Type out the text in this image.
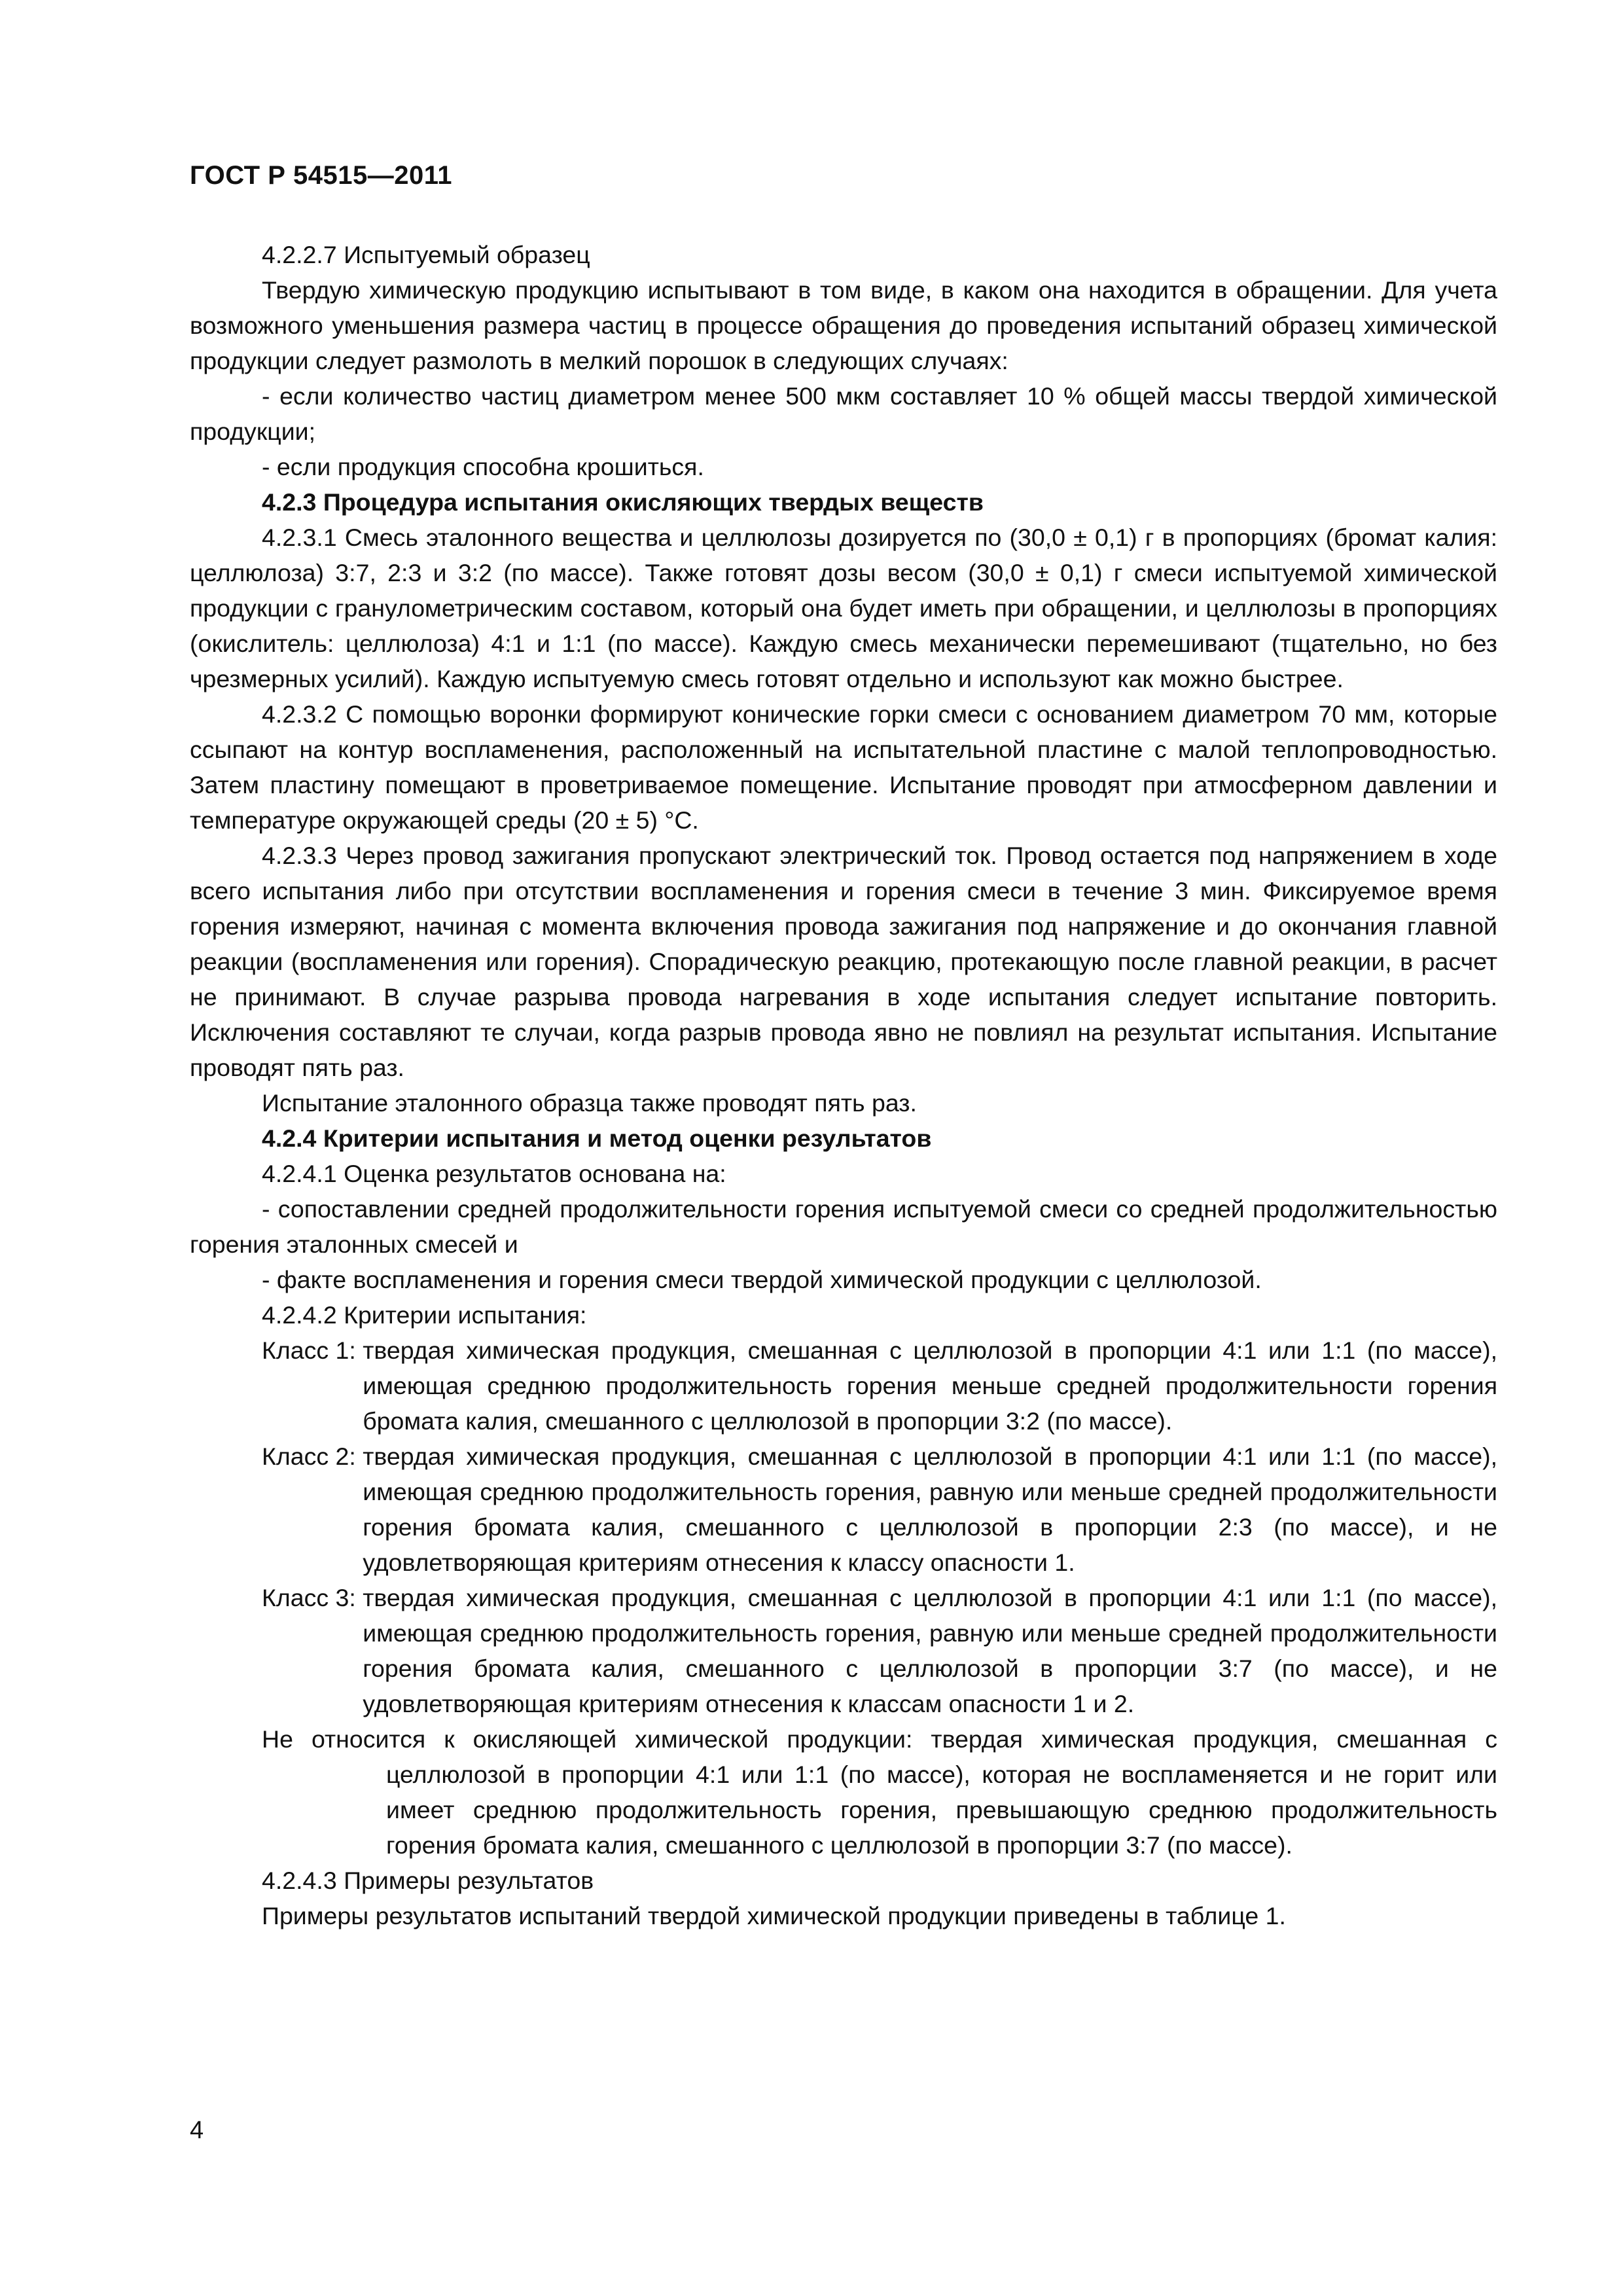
ГОСТ Р 54515—2011

4.2.2.7 Испытуемый образец

Твердую химическую продукцию испытывают в том виде, в каком она находится в обращении. Для учета возможного уменьшения размера частиц в процессе обращения до проведения испытаний образец химической продукции следует размолоть в мелкий порошок в следующих случаях:

- если количество частиц диаметром менее 500 мкм составляет 10 % общей массы твердой химической продукции;

- если продукция способна крошиться.

4.2.3 Процедура испытания окисляющих твердых веществ

4.2.3.1 Смесь эталонного вещества и целлюлозы дозируется по (30,0 ± 0,1) г в пропорциях (бромат калия: целлюлоза) 3:7, 2:3 и 3:2 (по массе). Также готовят дозы весом (30,0 ± 0,1) г смеси испытуемой химической продукции с гранулометрическим составом, который она будет иметь при обращении, и целлюлозы в пропорциях (окислитель: целлюлоза) 4:1 и 1:1 (по массе). Каждую смесь механически перемешивают (тщательно, но без чрезмерных усилий). Каждую испытуемую смесь готовят отдельно и используют как можно быстрее.

4.2.3.2 С помощью воронки формируют конические горки смеси с основанием диаметром 70 мм, которые ссыпают на контур воспламенения, расположенный на испытательной пластине с малой теплопроводностью. Затем пластину помещают в проветриваемое помещение. Испытание проводят при атмосферном давлении и температуре окружающей среды (20 ± 5) °С.

4.2.3.3 Через провод зажигания пропускают электрический ток. Провод остается под напряжением в ходе всего испытания либо при отсутствии воспламенения и горения смеси в течение 3 мин. Фиксируемое время горения измеряют, начиная с момента включения провода зажигания под напряжение и до окончания главной реакции (воспламенения или горения). Спорадическую реакцию, протекающую после главной реакции, в расчет не принимают. В случае разрыва провода нагревания в ходе испытания следует испытание повторить. Исключения составляют те случаи, когда разрыв провода явно не повлиял на результат испытания. Испытание проводят пять раз.

Испытание эталонного образца также проводят пять раз.

4.2.4 Критерии испытания и метод оценки результатов

4.2.4.1 Оценка результатов основана на:

- сопоставлении средней продолжительности горения испытуемой смеси со средней продолжительностью горения эталонных смесей и

- факте воспламенения и горения смеси твердой химической продукции с целлюлозой.

4.2.4.2 Критерии испытания:

Класс 1: твердая химическая продукция, смешанная с целлюлозой в пропорции 4:1 или 1:1 (по массе), имеющая среднюю продолжительность горения меньше средней продолжительности горения бромата калия, смешанного с целлюлозой в пропорции 3:2 (по массе).
Класс 2: твердая химическая продукция, смешанная с целлюлозой в пропорции 4:1 или 1:1 (по массе), имеющая среднюю продолжительность горения, равную или меньше средней продолжительности горения бромата калия, смешанного с целлюлозой в пропорции 2:3 (по массе), и не удовлетворяющая критериям отнесения к классу опасности 1.
Класс 3: твердая химическая продукция, смешанная с целлюлозой в пропорции 4:1 или 1:1 (по массе), имеющая среднюю продолжительность горения, равную или меньше средней продолжительности горения бромата калия, смешанного с целлюлозой в пропорции 3:7 (по массе), и не удовлетворяющая критериям отнесения к классам опасности 1 и 2.

Не относится к окисляющей химической продукции: твердая химическая продукция, смешанная с целлюлозой в пропорции 4:1 или 1:1 (по массе), которая не воспламеняется и не горит или имеет среднюю продолжительность горения, превышающую среднюю продолжительность горения бромата калия, смешанного с целлюлозой в пропорции 3:7 (по массе).

4.2.4.3 Примеры результатов

Примеры результатов испытаний твердой химической продукции приведены в таблице 1.

4
